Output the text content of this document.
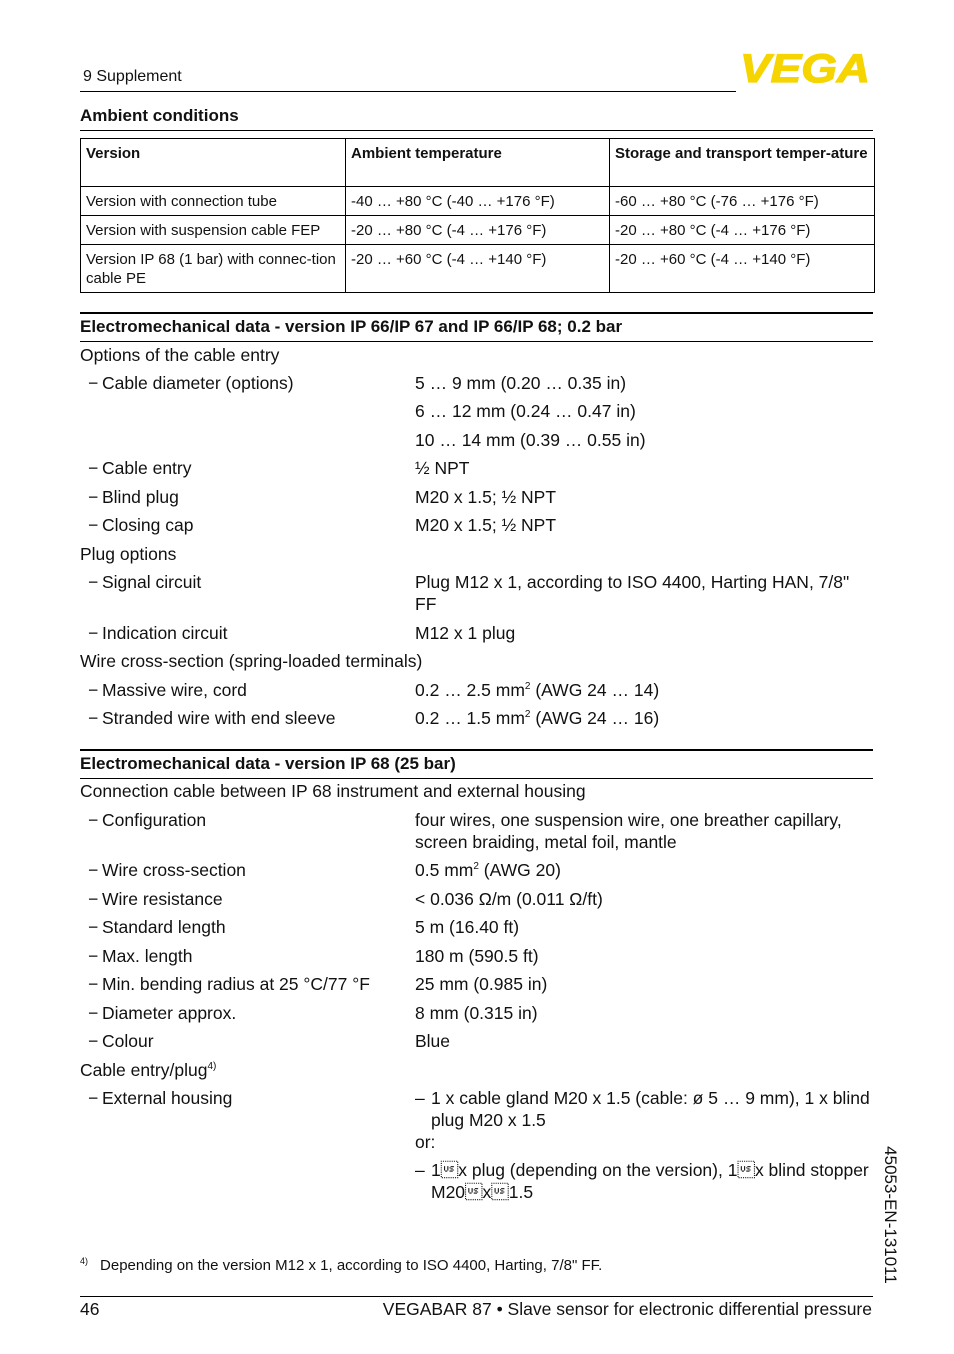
9 Supplement	VEGA
Ambient conditions
Version	Ambient temperature	Storage and transport temper-ature
Version with connection tube	-40 … +80 °C (-40 … +176 °F)	-60 … +80 °C (-76 … +176 °F)
Version with suspension cable FEP	-20 … +80 °C (-4 … +176 °F)	-20 … +80 °C (-4 … +176 °F)
Version IP 68 (1 bar) with connec-tion cable PE	-20 … +60 °C (-4 … +140 °F)	-20 … +60 °C (-4 … +140 °F)
Electromechanical data - version IP 66/IP 67 and IP 66/IP 68; 0.2 bar
Options of the cable entry
− Cable diameter (options)	5 … 9 mm (0.20 … 0.35 in)
6 … 12 mm (0.24 … 0.47 in)
10 … 14 mm (0.39 … 0.55 in)
− Cable entry	½ NPT
− Blind plug	M20 x 1.5; ½ NPT
− Closing cap	M20 x 1.5; ½ NPT
Plug options
− Signal circuit	Plug M12 x 1, according to ISO 4400, Harting HAN, 7/8" FF
− Indication circuit	M12 x 1 plug
Wire cross-section (spring-loaded terminals)
− Massive wire, cord	0.2 … 2.5 $mm^2$ (AWG 24 … 14)
− Stranded wire with end sleeve	0.2 … 1.5 $mm^2$ (AWG 24 … 16)
Electromechanical data - version IP 68 (25 bar)
Connection cable between IP 68 instrument and external housing
− Configuration	four wires, one suspension wire, one breather capillary, screen braiding, metal foil, mantle
− Wire cross-section	0.5 $mm^2$ (AWG 20)
− Wire resistance	< 0.036 Ω/m (0.011 Ω/ft)
− Standard length	5 m (16.40 ft)
− Max. length	180 m (590.5 ft)
− Min. bending radius at 25 °C/77 °F	25 mm (0.985 in)
− Diameter approx.	8 mm (0.315 in)
− Colour	Blue
Cable entry/plug$^{4)}$
− External housing	– 1 x cable gland M20 x 1.5 (cable: ø 5 … 9 mm), 1 x blind plug M20 x 1.5
or:
– 1x plug (depending on the version), 1x blind stopper M20x1.5
$^{4)}$ Depending on the version M12 x 1, according to ISO 4400, Harting, 7/8" FF.
46	VEGABAR 87 • Slave sensor for electronic differential pressure
45053-EN-131011
